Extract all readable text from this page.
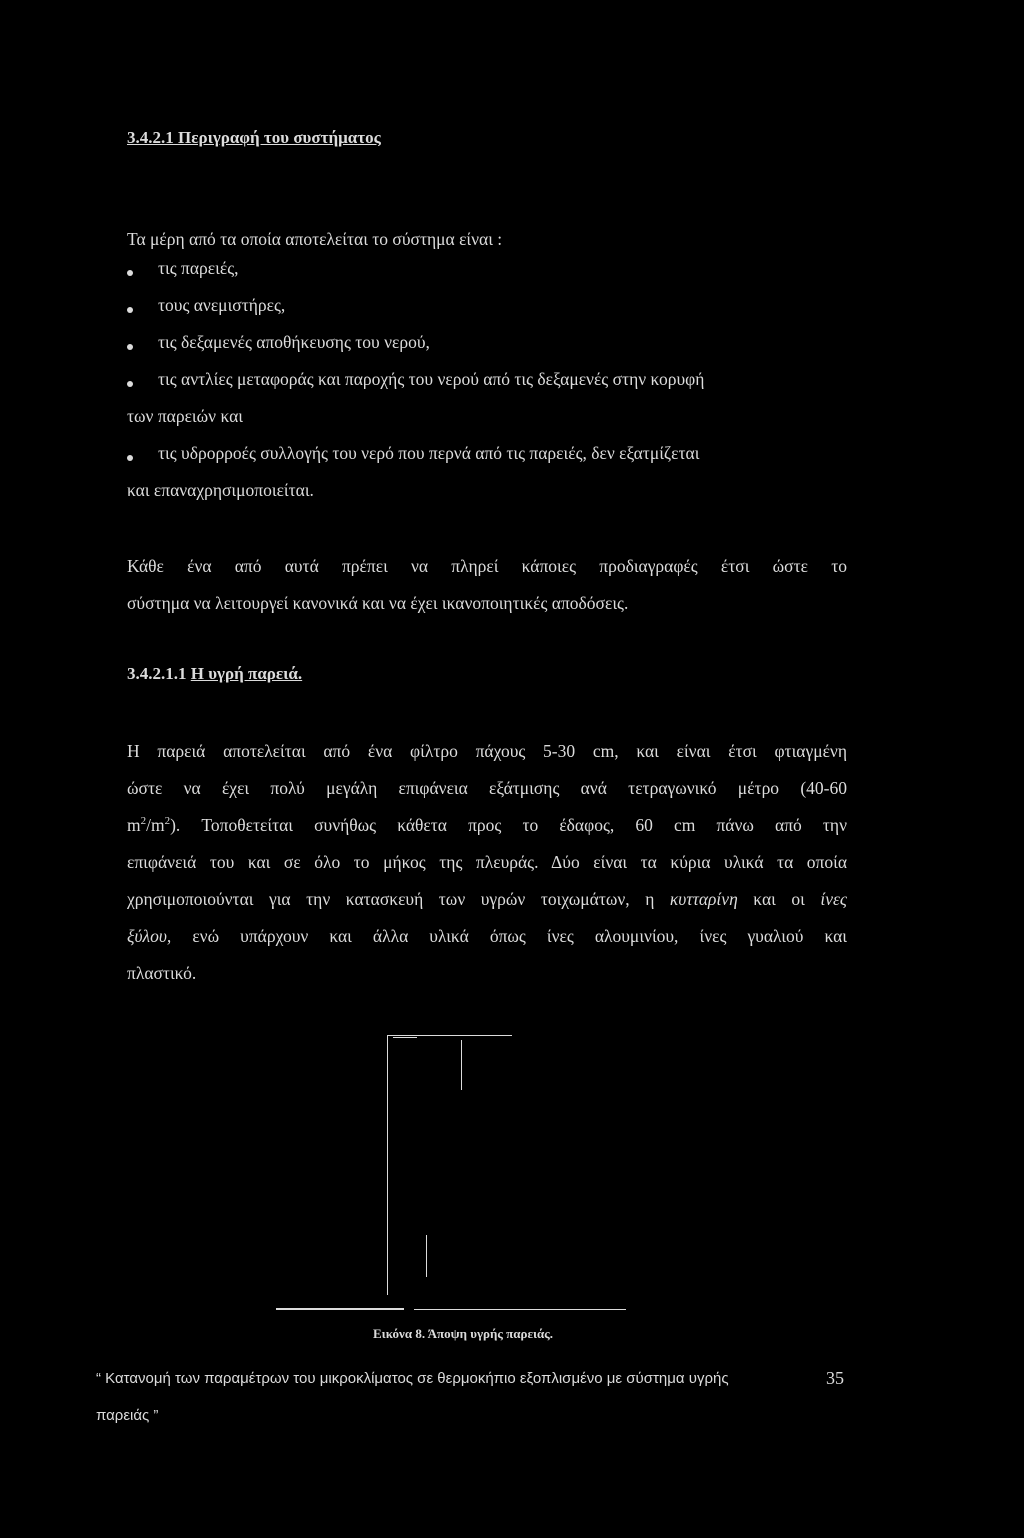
3.4.2.1 Περιγραφή του συστήματος
Τα μέρη από τα οποία αποτελείται το σύστημα είναι :
τις παρειές,
τους ανεμιστήρες,
τις δεξαμενές αποθήκευσης του νερού,
τις αντλίες μεταφοράς και παροχής του νερού από τις δεξαμενές στην κορυφή
των παρειών και
τις υδρορροές συλλογής του νερό που περνά από τις παρειές, δεν εξατμίζεται
και επαναχρησιμοποιείται.
Κάθε ένα από αυτά πρέπει να πληρεί κάποιες προδιαγραφές έτσι ώστε το
σύστημα να λειτουργεί κανονικά και να έχει ικανοποιητικές αποδόσεις.
3.4.2.1.1 Η υγρή παρειά.
Η παρειά αποτελείται από ένα φίλτρο πάχους 5-30 cm, και είναι έτσι φτιαγμένη
ώστε να έχει πολύ μεγάλη επιφάνεια εξάτμισης ανά τετραγωνικό μέτρο (40-60
$m^2/m^2$). Τοποθετείται συνήθως κάθετα προς το έδαφος, 60 cm πάνω από την
επιφάνειά του και σε όλο το μήκος της πλευράς. Δύο είναι τα κύρια υλικά τα οποία
χρησιμοποιούνται για την κατασκευή των υγρών τοιχωμάτων, η κυτταρίνη και οι ίνες
ξύλου, ενώ υπάρχουν και άλλα υλικά όπως ίνες αλουμινίου, ίνες γυαλιού και
πλαστικό.
Εικόνα 8. Άποψη υγρής παρειάς.
“ Κατανομή των παραμέτρων του μικροκλίματος σε θερμοκήπιο εξοπλισμένο με σύστημα υγρής
παρειάς ”
35
